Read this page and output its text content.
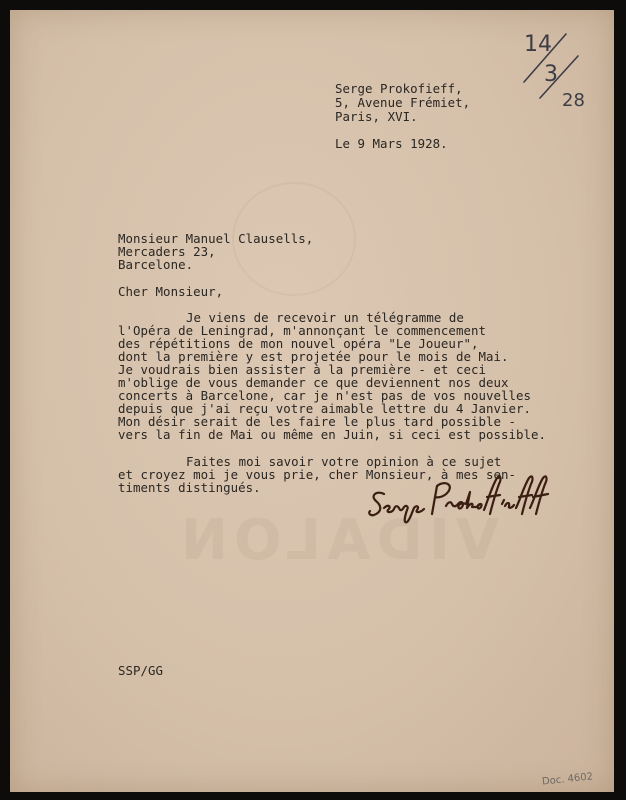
VIDALON

Serge Prokofieff,

5, Avenue Frémiet,

Paris, XVI.

Le 9 Mars 1928.

Monsieur Manuel Clausells,

Mercaders 23,

Barcelone.

Cher Monsieur,

Je viens de recevoir un télégramme de

l'Opéra de Leningrad, m'annonçant le commencement

des répétitions de mon nouvel opéra "Le Joueur",

dont la première y est projetée pour le mois de Mai.

Je voudrais bien assister à la première - et ceci

m'oblige de vous demander ce que deviennent nos deux

concerts à Barcelone, car je n'est pas de vos nouvelles

depuis que j'ai reçu votre aimable lettre du 4 Janvier.

Mon désir serait de les faire le plus tard possible -

vers la fin de Mai ou même en Juin, si ceci est possible.

Faites moi savoir votre opinion à ce sujet

et croyez moi je vous prie, cher Monsieur, à mes sen-

timents distingués.

SSP/GG

14
3
28
Doc. 4602
